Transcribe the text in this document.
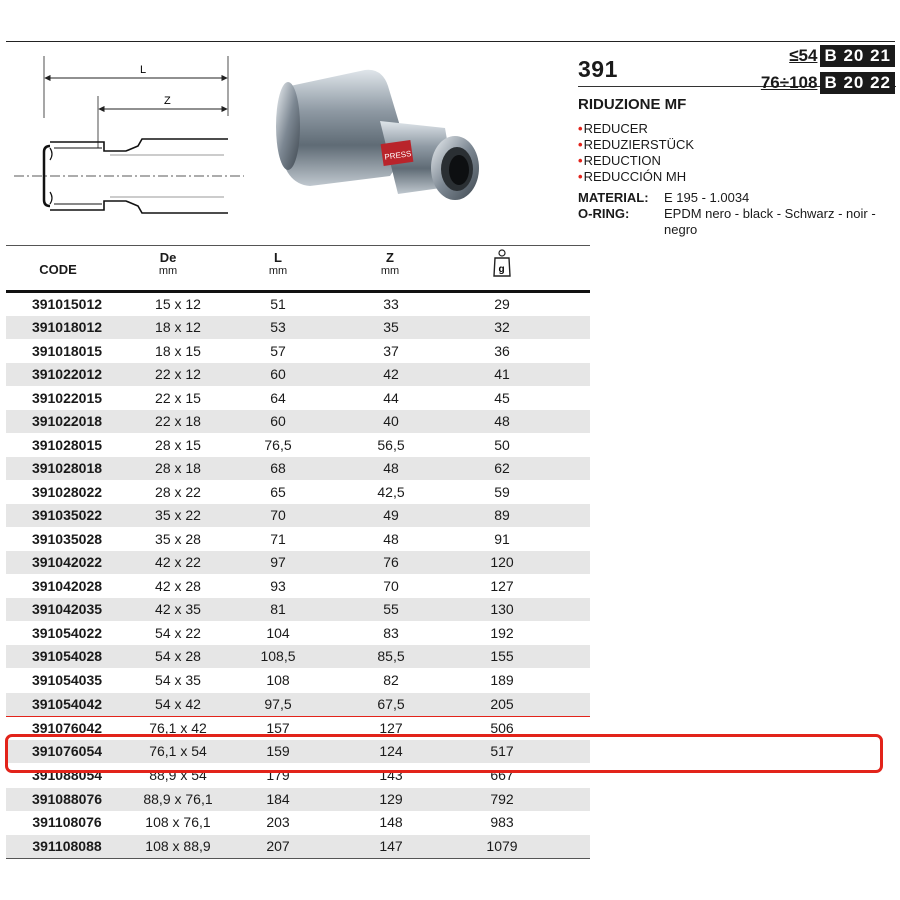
L
Z
PRESS
391
RIDUZIONE MF
•REDUCER
•REDUZIERSTÜCK
•REDUCTION
•REDUCCIÓN MH
MATERIAL: E 195 - 1.0034
O-RING:	EPDM nero - black - Schwarz - noir - negro
≤54 B 20 21
76÷108 B 20 22
CODE
De
mm
L
mm
Z
mm	g
391015012	15 x 12	51	33	29
391018012	18 x 12	53	35	32
391018015	18 x 15	57	37	36
391022012	22 x 12	60	42	41
391022015	22 x 15	64	44	45
391022018	22 x 18	60	40	48
391028015	28 x 15	76,5	56,5	50
391028018	28 x 18	68	48	62
391028022	28 x 22	65	42,5	59
391035022	35 x 22	70	49	89
391035028	35 x 28	71	48	91
391042022	42 x 22	97	76	120
391042028	42 x 28	93	70	127
391042035	42 x 35	81	55	130
391054022	54 x 22	104	83	192
391054028	54 x 28	108,5	85,5	155
391054035	54 x 35	108	82	189
391054042	54 x 42	97,5	67,5	205
391076042	76,1 x 42	157	127	506
391076054	76,1 x 54	159	124	517
391088054	88,9 x 54	179	143	667
391088076	88,9 x 76,1	184	129	792
391108076	108 x 76,1	203	148	983
391108088	108 x 88,9	207	147	1079
